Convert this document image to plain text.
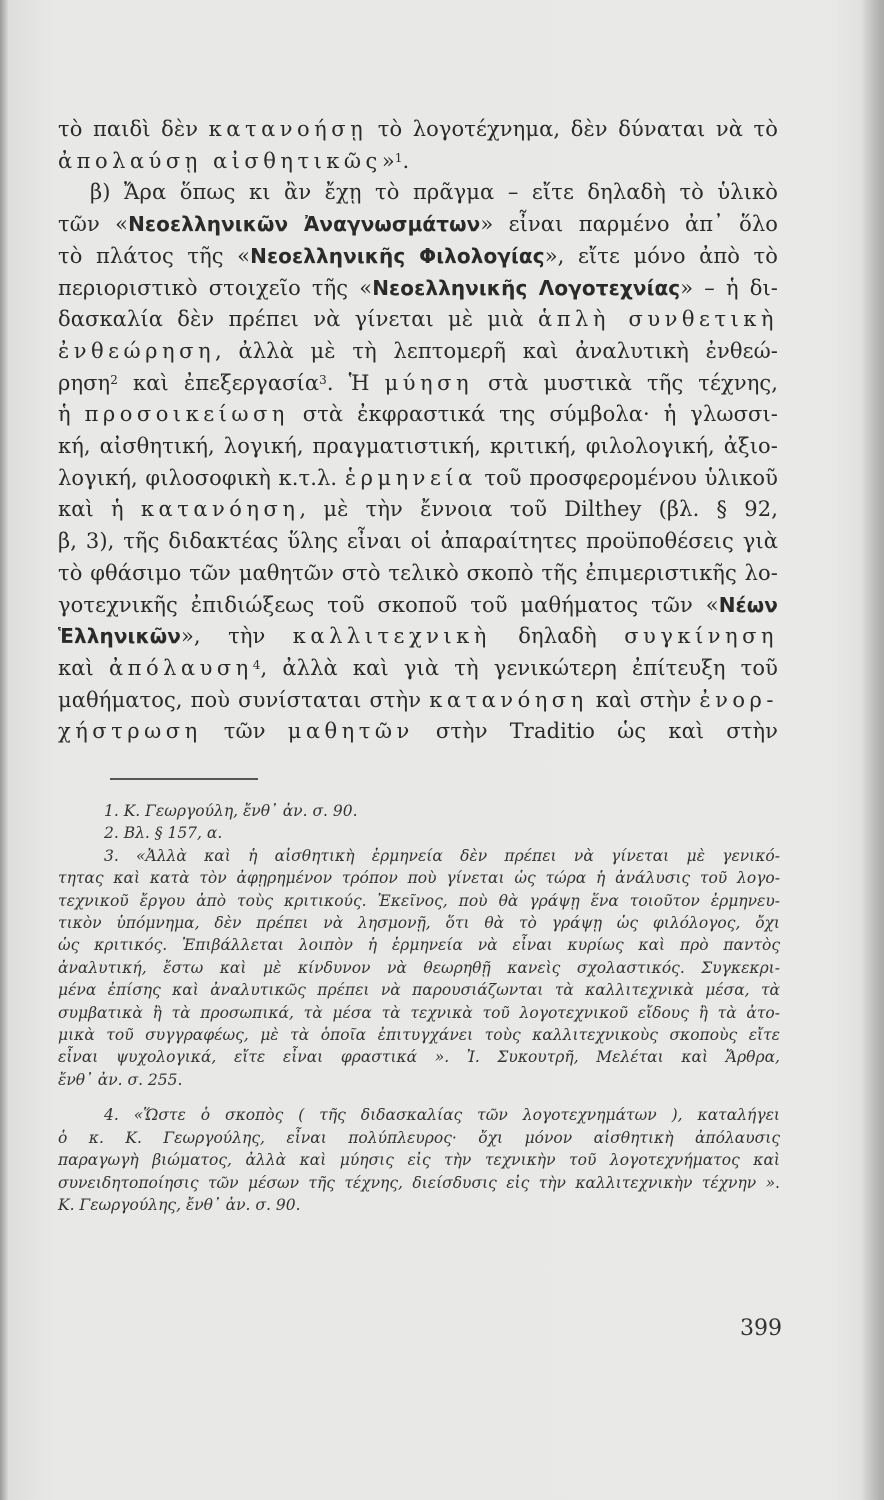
τὸ παιδὶ δὲν κατανοήσῃ τὸ λογοτέχνημα, δὲν δύναται νὰ τὸ
ἀπολαύσῃ αἰσθητικῶς»$^1$.
β) Ἄρα ὅπως κι ἂν ἔχῃ τὸ πρᾶγμα – εἴτε δηλαδὴ τὸ ὑλικὸ
τῶν «Νεοελληνικῶν Ἀναγνωσμάτων» εἶναι παρμένο ἀπ᾽ ὅλο
τὸ πλάτος τῆς «Νεοελληνικῆς Φιλολογίας», εἴτε μόνο ἀπὸ τὸ
περιοριστικὸ στοιχεῖο τῆς «Νεοελληνικῆς Λογοτεχνίας» – ἡ δι-
δασκαλία δὲν πρέπει νὰ γίνεται μὲ μιὰ ἁπλὴ συνθετικὴ
ἐνθεώρηση, ἀλλὰ μὲ τὴ λεπτομερῆ καὶ ἀναλυτικὴ ἐνθεώ-
ρηση$^2$ καὶ ἐπεξεργασία$^3$. Ἡ μύηση στὰ μυστικὰ τῆς τέχνης,
ἡ προσοικείωση στὰ ἐκφραστικά της σύμβολα· ἡ γλωσσι-
κή, αἰσθητική, λογική, πραγματιστική, κριτική, φιλολογική, ἀξιο-
λογική, φιλοσοφικὴ κ.τ.λ. ἑρμηνεία τοῦ προσφερομένου ὑλικοῦ
καὶ ἡ κατανόηση, μὲ τὴν ἔννοια τοῦ Dilthey (βλ. § 92,
β, 3), τῆς διδακτέας ὕλης εἶναι οἱ ἀπαραίτητες προϋποθέσεις γιὰ
τὸ φθάσιμο τῶν μαθητῶν στὸ τελικὸ σκοπὸ τῆς ἐπιμεριστικῆς λο-
γοτεχνικῆς ἐπιδιώξεως τοῦ σκοποῦ τοῦ μαθήματος τῶν «Νέων
Ἑλληνικῶν», τὴν καλλιτεχνικὴ δηλαδὴ συγκίνηση
καὶ ἀπόλαυση$^4$, ἀλλὰ καὶ γιὰ τὴ γενικώτερη ἐπίτευξη τοῦ
μαθήματος, ποὺ συνίσταται στὴν κατανόηση καὶ στὴν ἐνορ-
χήστρωση τῶν μαθητῶν στὴν Traditio ὡς καὶ στὴν
1. Κ. Γεωργούλη, ἔνθ᾽ ἀν. σ. 90.
2. Βλ. § 157, α.
3. «Ἀλλὰ καὶ ἡ αἰσθητικὴ ἑρμηνεία δὲν πρέπει νὰ γίνεται μὲ γενικό-
τητας καὶ κατὰ τὸν ἀφῃρημένον τρόπον ποὺ γίνεται ὡς τώρα ἡ ἀνάλυσις τοῦ λογο-
τεχνικοῦ ἔργου ἀπὸ τοὺς κριτικούς. Ἐκεῖνος, ποὺ θὰ γράψῃ ἕνα τοιοῦτον ἑρμηνευ-
τικὸν ὑπόμνημα, δὲν πρέπει νὰ λησμονῇ, ὅτι θὰ τὸ γράψῃ ὡς φιλόλογος, ὄχι
ὡς κριτικός. Ἐπιβάλλεται λοιπὸν ἡ ἑρμηνεία νὰ εἶναι κυρίως καὶ πρὸ παντὸς
ἀναλυτική, ἔστω καὶ μὲ κίνδυνον νὰ θεωρηθῇ κανεὶς σχολαστικός. Συγκεκρι-
μένα ἐπίσης καὶ ἀναλυτικῶς πρέπει νὰ παρουσιάζωνται τὰ καλλιτεχνικὰ μέσα, τὰ
συμβατικὰ ἢ τὰ προσωπικά, τὰ μέσα τὰ τεχνικὰ τοῦ λογοτεχνικοῦ εἴδους ἢ τὰ ἀτο-
μικὰ τοῦ συγγραφέως, μὲ τὰ ὁποῖα ἐπιτυγχάνει τοὺς καλλιτεχνικοὺς σκοποὺς εἴτε
εἶναι ψυχολογικά, εἴτε εἶναι φραστικά ». Ἰ. Συκουτρῆ, Μελέται καὶ Ἄρθρα,
ἔνθ᾽ ἀν. σ. 255.
4. «Ὥστε ὁ σκοπὸς ( τῆς διδασκαλίας τῶν λογοτεχνημάτων ), καταλήγει
ὁ κ. Κ. Γεωργούλης, εἶναι πολύπλευρος· ὄχι μόνον αἰσθητικὴ ἀπόλαυσις
παραγωγὴ βιώματος, ἀλλὰ καὶ μύησις εἰς τὴν τεχνικὴν τοῦ λογοτεχνήματος καὶ
συνειδητοποίησις τῶν μέσων τῆς τέχνης, διείσδυσις εἰς τὴν καλλιτεχνικὴν τέχνην ».
Κ. Γεωργούλης, ἔνθ᾽ ἀν. σ. 90.
399
